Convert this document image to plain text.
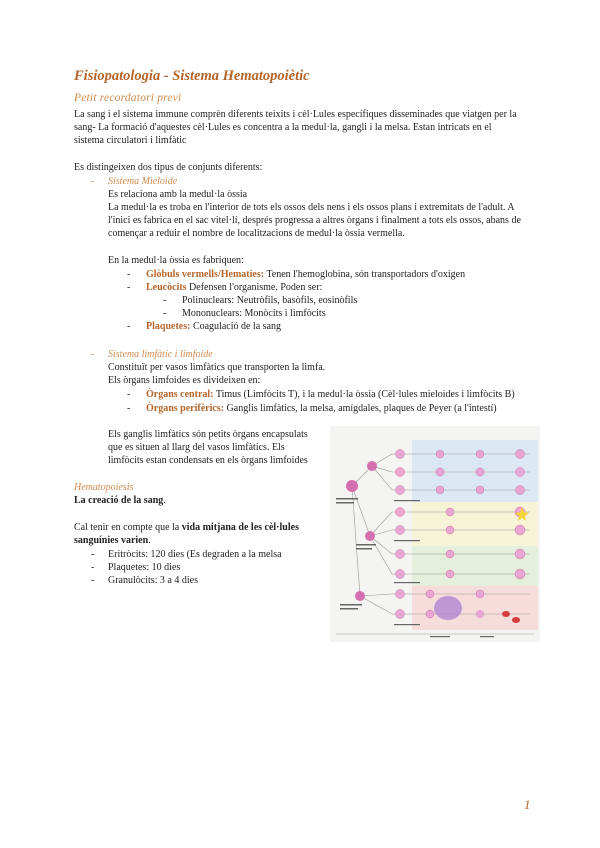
Fisiopatologia - Sistema Hematopoiètic

Petit recordatori previ

La sang i el sistema immune comprèn diferents teixits i cèl·Lules específiques disseminades que viatgen per la

sang- La formació d'aquestes cèl·Lules es concentra a la medul·la, gangli i la melsa. Estan intricats en el

sistema circulatori i limfàtic

Es distingeixen dos tipus de conjunts diferents:

- Sistema Mieloide

Es relaciona amb la medul·la òssia

La medul·la es troba en l'interior de tots els ossos dels nens i els ossos plans i extremitats de l'adult. A

l'inici es fabrica en el sac vitel·lí, després progressa a altres òrgans i finalment a tots els ossos, abans de

començar a reduir el nombre de localitzacions de medul·la òssia vermella.

En la medul·la òssia es fabriquen:

- Glòbuls vermells/Hematies: Tenen l'hemoglobina, són transportadors d'oxigen

- Leucòcits Defensen l'organisme. Poden ser:

- Polinuclears: Neutròfils, basòfils, eosinòfils

- Mononuclears: Monòcits i limfòcits

- Plaquetes: Coagulació de la sang

- Sistema limfàtic i limfoide

Constituït per vasos limfàtics que transporten la limfa.

Els òrgans limfoides es divideixen en:

- Òrgans central: Timus (Limfòcits T), i la medul·la òssia (Cèl·lules mieloides i limfòcits B)

- Òrgans perifèrics: Ganglis limfàtics, la melsa, amígdales, plaques de Peyer (a l'intestí)

Els ganglis limfàtics són petits òrgans encapsulats

que es situen al llarg del vasos limfàtics. Els

limfòcits estan condensats en els òrgans limfoides

Hematopoiesis

La creació de la sang.

Cal tenir en compte que la vida mitjana de les cèl·lules

sanguínies varien.

- Eritròcits: 120 dies (Es degraden a la melsa

- Plaquetes: 10 dies

- Granulòcits: 3 a 4 dies

1
